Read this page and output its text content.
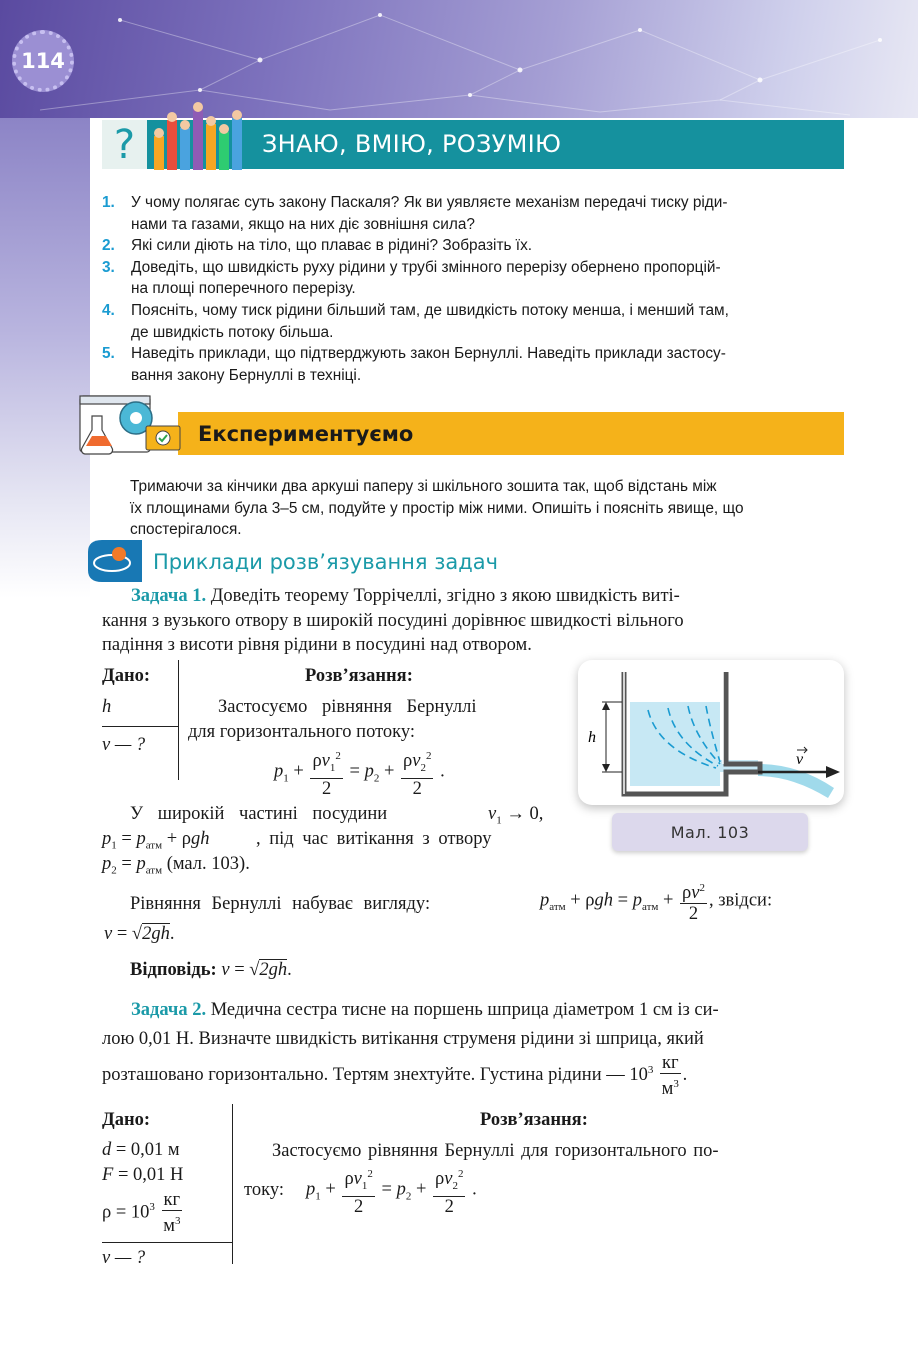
114
?	ЗНАЮ, ВМІЮ, РОЗУМІЮ
1. У чому полягає суть закону Паскаля? Як ви уявляєте механізм передачі тиску ріди-
нами та газами, якщо на них діє зовнішня сила?
2. Які сили діють на тіло, що плаває в рідині? Зобразіть їх.
3. Доведіть, що швидкість руху рідини у трубі змінного перерізу обернено пропорцій-
на площі поперечного перерізу.
4. Поясніть, чому тиск рідини більший там, де швидкість потоку менша, і менший там,
де швидкість потоку більша.
5. Наведіть приклади, що підтверджують закон Бернуллі. Наведіть приклади застосу-
вання закону Бернуллі в техніці.
Експериментуємо
Тримаючи за кінчики два аркуші паперу зі шкільного зошита так, щоб відстань між
їх площинами була 3–5 см, подуйте у простір між ними. Опишіть і поясніть явище, що
спостерігалося.
Приклади розв’язування задач
Задача 1. Доведіть теорему Торрічеллі, згідно з якою швидкість виті-
кання з вузького отвору в широкій посудині дорівнює швидкості вільного
падіння з висоти рівня рідини в посудині над отвором.
Дано:
h
v — ?
Розв’язання:
Застосуємо рівняння Бернуллі
для горизонтального потоку:
$p_1 + \frac{\rho v_1^2}{2} = p_2 + \frac{\rho v_2^2}{2}$ .
У широкій частині посудини	$v_1 \to 0$,
$p_1 = p_{атм} + \rho gh$	, під час витікання з отвору
$p_2 = p_{атм}$ (мал. 103).
h
v
Мал. 103
Рівняння Бернуллі набуває вигляду:	$p_{атм} + \rho gh = p_{атм} + \frac{\rho v^2}{2}$ , звідси:
v = √2gh.
Відповідь: v = √2gh.
Задача 2. Медична сестра тисне на поршень шприца діаметром 1 см із си-
лою 0,01 Н. Визначте швидкість витікання струменя рідини зі шприца, який
розташовано горизонтально. Тертям знехтуйте. Густина рідини — $10^3 \frac{кг}{м^3}$ .
Дано:
d = 0,01 м
F = 0,01 Н
$\rho = 10^3 \frac{кг}{м^3}$
v — ?
Розв’язання:
Застосуємо рівняння Бернуллі для горизонтального по-
току: $p_1 + \frac{\rho v_1^2}{2} = p_2 + \frac{\rho v_2^2}{2}$ .
